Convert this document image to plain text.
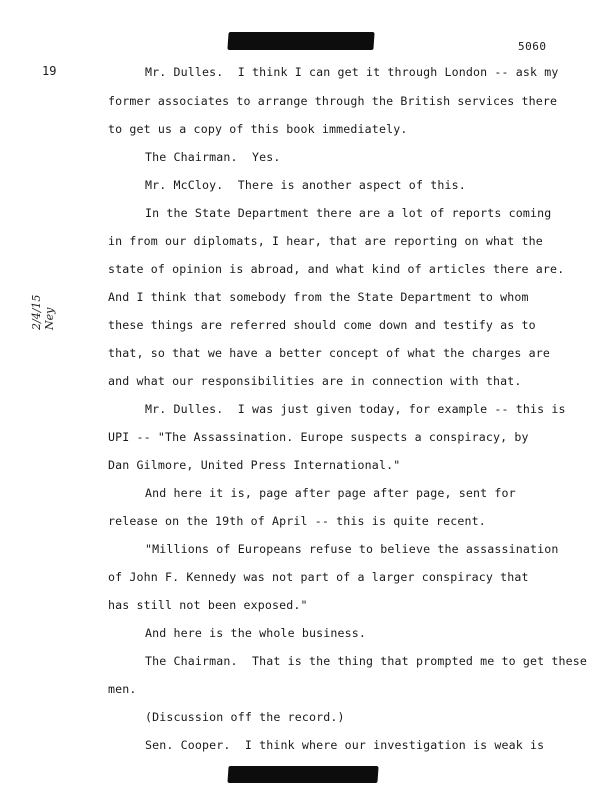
5060
19
2/4/15 Ney
Mr. Dulles.  I think I can get it through London -- ask my
former associates to arrange through the British services there
to get us a copy of this book immediately.
The Chairman.  Yes.
Mr. McCloy.  There is another aspect of this.
In the State Department there are a lot of reports coming
in from our diplomats, I hear, that are reporting on what the
state of opinion is abroad, and what kind of articles there are.
And I think that somebody from the State Department to whom
these things are referred should come down and testify as to
that, so that we have a better concept of what the charges are
and what our responsibilities are in connection with that.
Mr. Dulles.  I was just given today, for example -- this is
UPI -- "The Assassination. Europe suspects a conspiracy, by
Dan Gilmore, United Press International."
And here it is, page after page after page, sent for
release on the 19th of April -- this is quite recent.
"Millions of Europeans refuse to believe the assassination
of John F. Kennedy was not part of a larger conspiracy that
has still not been exposed."
And here is the whole business.
The Chairman.  That is the thing that prompted me to get these
men.
(Discussion off the record.)
Sen. Cooper.  I think where our investigation is weak is
